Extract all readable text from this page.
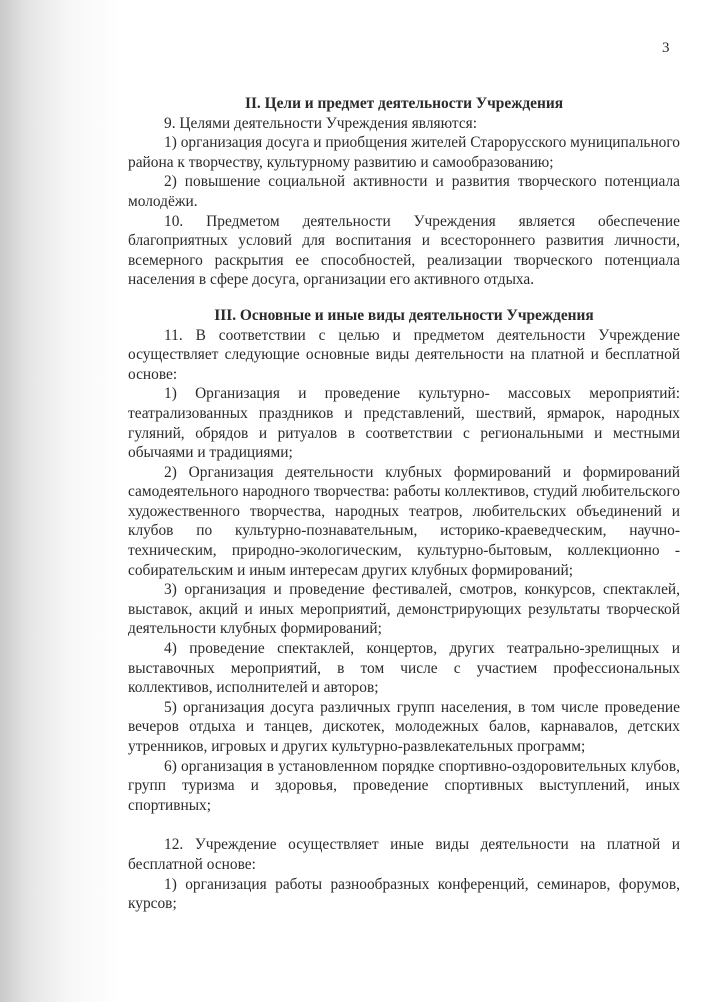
3

II. Цели и предмет деятельности Учреждения

9. Целями деятельности Учреждения являются:

1) организация досуга и приобщения жителей Старорусского муниципального района к творчеству, культурному развитию и самообразованию;

2) повышение социальной активности и развития творческого потенциала молодёжи.

10. Предметом деятельности Учреждения является обеспечение благоприятных условий для воспитания и всестороннего развития личности, всемерного раскрытия ее способностей, реализации творческого потенциала населения в сфере досуга, организации его активного отдыха.

III. Основные и иные виды деятельности Учреждения

11. В соответствии с целью и предметом деятельности Учреждение осуществляет следующие основные виды деятельности на платной и бесплатной основе:

1) Организация и проведение культурно- массовых мероприятий: театрализованных праздников и представлений, шествий, ярмарок, народных гуляний, обрядов и ритуалов в соответствии с региональными и местными обычаями и традициями;

2) Организация деятельности клубных формирований и формирований самодеятельного народного творчества: работы коллективов, студий любительского художественного творчества, народных театров, любительских объединений и клубов по культурно-познавательным, историко-краеведческим, научно-техническим, природно-экологическим, культурно-бытовым, коллекционно - собирательским и иным интересам других клубных формирований;

3) организация и проведение фестивалей, смотров, конкурсов, спектаклей, выставок, акций и иных мероприятий, демонстрирующих результаты творческой деятельности клубных формирований;

4) проведение спектаклей, концертов, других театрально-зрелищных и выставочных мероприятий, в том числе с участием профессиональных коллективов, исполнителей и авторов;

5) организация досуга различных групп населения, в том числе проведение вечеров отдыха и танцев, дискотек, молодежных балов, карнавалов, детских утренников, игровых и других культурно-развлекательных программ;

6) организация в установленном порядке спортивно-оздоровительных клубов, групп туризма и здоровья, проведение спортивных выступлений, иных спортивных;

12. Учреждение осуществляет иные виды деятельности на платной и бесплатной основе:

1) организация работы разнообразных конференций, семинаров, форумов, курсов;
